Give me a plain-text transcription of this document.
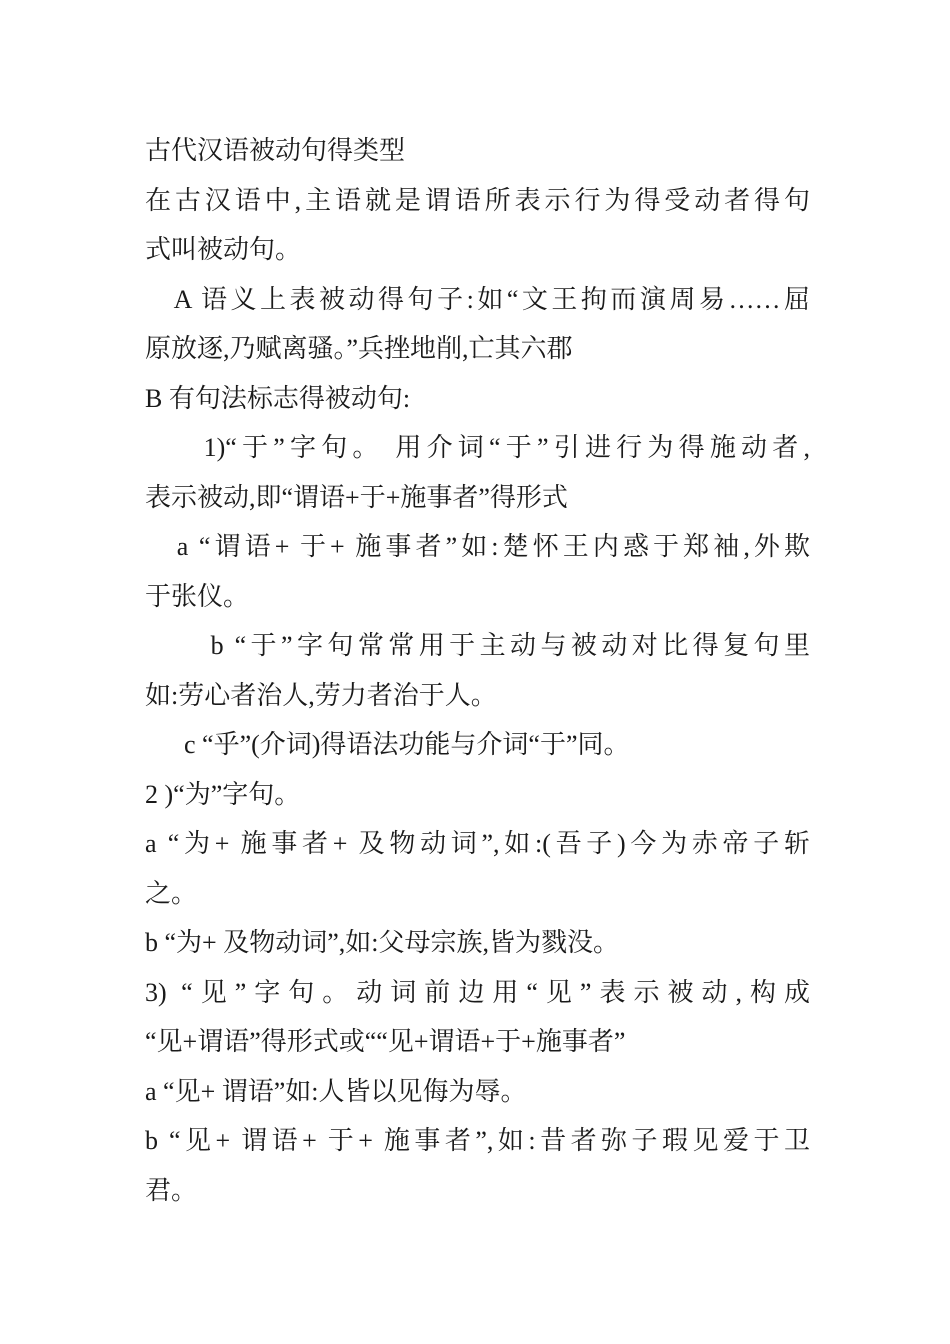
古代汉语被动句得类型
在古汉语中,主语就是谓语所表示行为得受动者得句
式叫被动句。
A 语义上表被动得句子:如“文王拘而演周易……屈
原放逐,乃赋离骚。”兵挫地削,亡其六郡
B 有句法标志得被动句:
1)“于”字句。 用介词“于”引进行为得施动者,
表示被动,即“谓语+于+施事者”得形式
a “谓语+ 于+ 施事者”如:楚怀王内惑于郑袖,外欺
于张仪。
b “于”字句常常用于主动与被动对比得复句里
如:劳心者治人,劳力者治于人。
c “乎”(介词)得语法功能与介词“于”同。
2 )“为”字句。
a “为+ 施事者+ 及物动词”,如:(吾子)今为赤帝子斩
之。
b “为+ 及物动词”,如:父母宗族,皆为戮没。
3) “见”字句。动词前边用“见”表示被动,构成
“见+谓语”得形式或““见+谓语+于+施事者”
a “见+ 谓语”如:人皆以见侮为辱。
b “见+ 谓语+ 于+ 施事者”,如:昔者弥子瑕见爱于卫
君。
